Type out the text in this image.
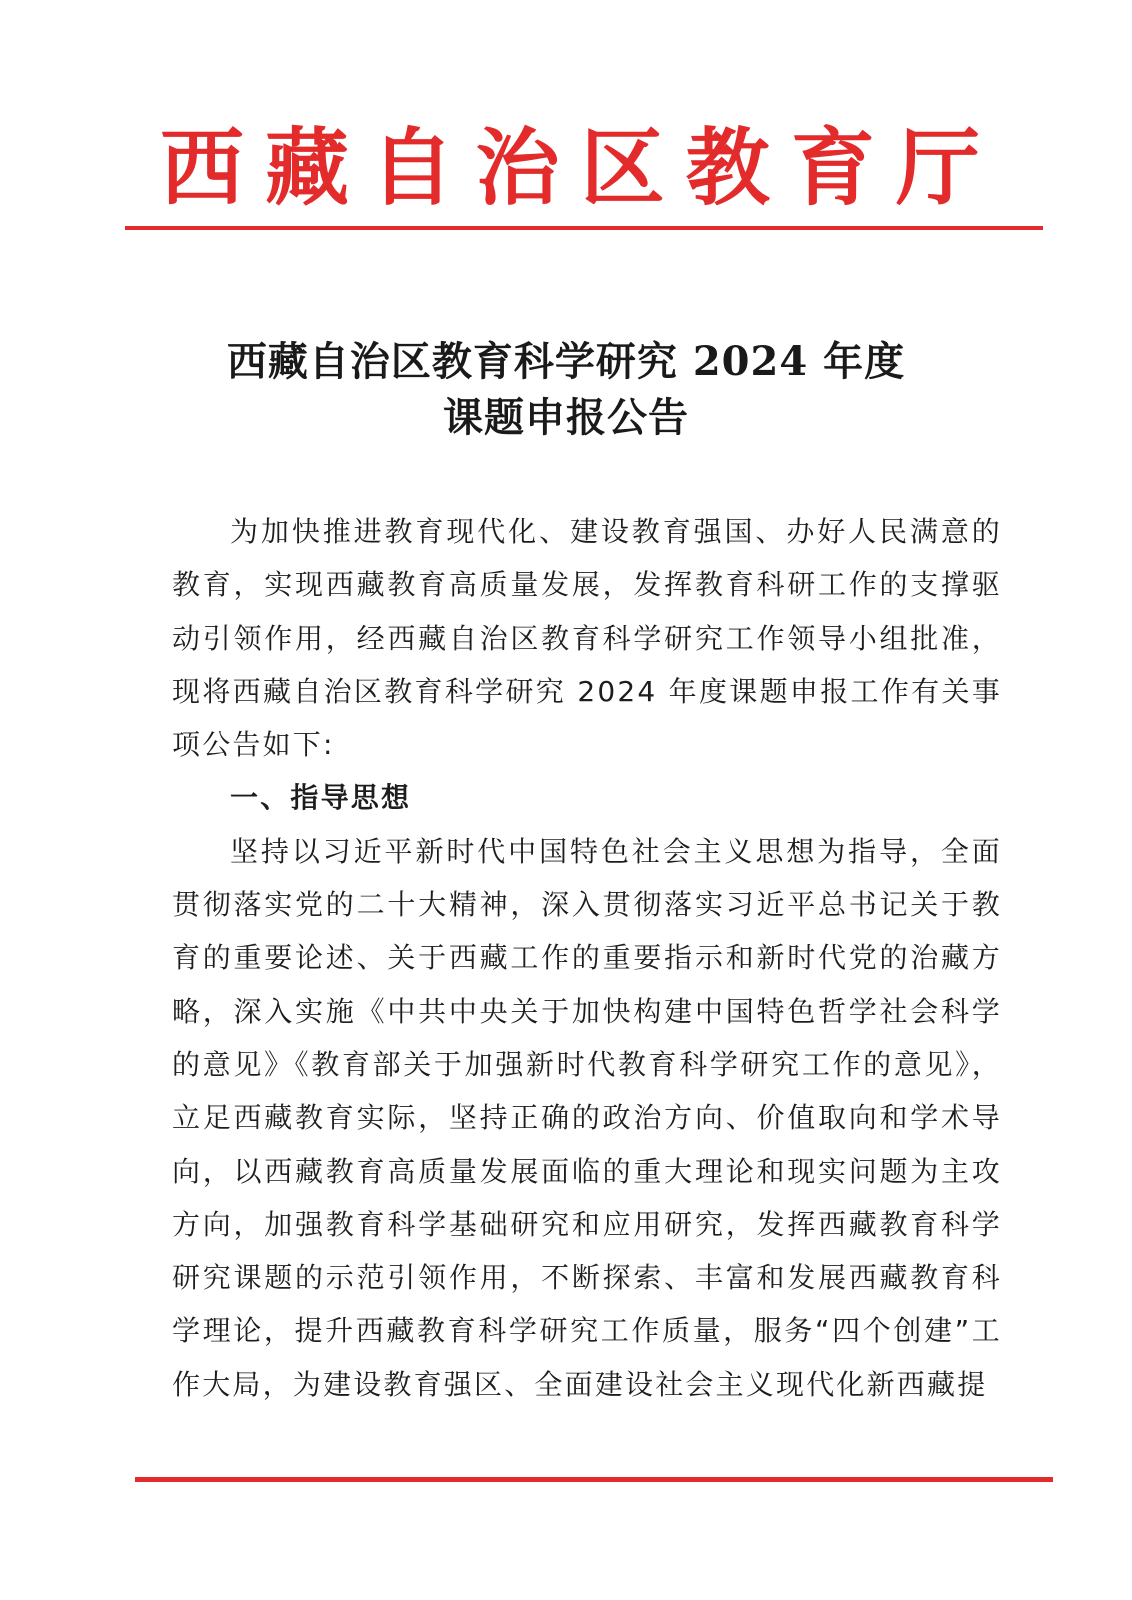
西 藏 自 治 区 教 育 厅
西藏自治区教育科学研究 2024 年度
课题申报公告

为加快推进教育现代化、建设教育强国、办好人民满意的教育，实现西藏教育高质量发展，发挥教育科研工作的支撑驱动引领作用，经西藏自治区教育科学研究工作领导小组批准，现将西藏自治区教育科学研究 2024 年度课题申报工作有关事项公告如下:

一、指导思想

坚持以习近平新时代中国特色社会主义思想为指导，全面贯彻落实党的二十大精神，深入贯彻落实习近平总书记关于教育的重要论述、关于西藏工作的重要指示和新时代党的治藏方略，深入实施《中共中央关于加快构建中国特色哲学社会科学的意见》《教育部关于加强新时代教育科学研究工作的意见》，立足西藏教育实际，坚持正确的政治方向、价值取向和学术导向，以西藏教育高质量发展面临的重大理论和现实问题为主攻方向，加强教育科学基础研究和应用研究，发挥西藏教育科学研究课题的示范引领作用，不断探索、丰富和发展西藏教育科学理论，提升西藏教育科学研究工作质量，服务“四个创建”工作大局，为建设教育强区、全面建设社会主义现代化新西藏提
